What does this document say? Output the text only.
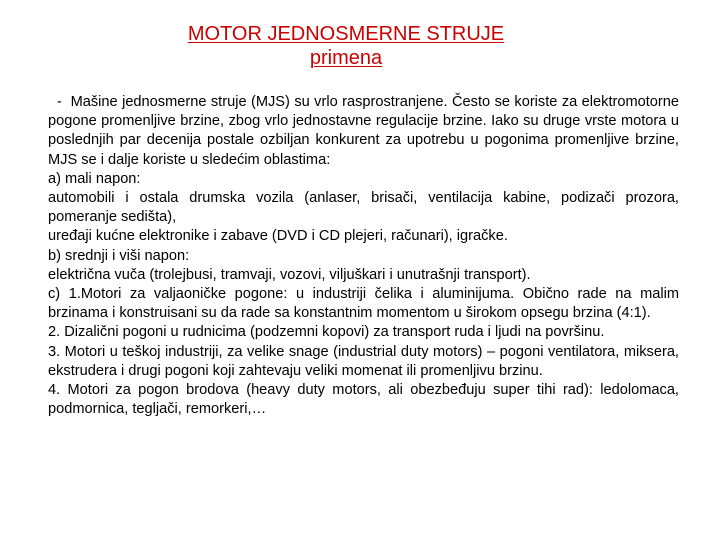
MOTOR JEDNOSMERNE STRUJE
primena

-  Mašine jednosmerne struje (MJS) su vrlo rasprostranjene. Često se koriste za elektromotorne pogone promenljive brzine, zbog vrlo jednostavne regulacije brzine. Iako su druge vrste motora u poslednjih par decenija postale ozbiljan konkurent za upotrebu u pogonima promenljive brzine, MJS se i dalje koriste u sledećim oblastima:

a) mali napon:

automobili i ostala drumska vozila (anlaser, brisači, ventilacija kabine, podizači prozora, pomeranje sedišta),

uređaji kućne elektronike i zabave (DVD i CD plejeri, računari), igračke.

b) srednji i viši napon:

električna vuča (trolejbusi, tramvaji, vozovi, viljuškari i unutrašnji transport).

c) 1.Motori za valjaoničke pogone: u industriji čelika i aluminijuma. Obično rade na malim brzinama i konstruisani su da rade sa konstantnim momentom u širokom opsegu brzina (4:1).

2. Dizalični pogoni u rudnicima (podzemni kopovi) za transport ruda i ljudi na površinu.

3. Motori u teškoj industriji, za velike snage (industrial duty motors) – pogoni ventilatora, miksera, ekstrudera i drugi pogoni koji zahtevaju veliki momenat ili promenljivu brzinu.

4. Motori za pogon brodova (heavy duty motors, ali obezbeđuju super tihi rad): ledolomaca, podmornica, tegljači, remorkeri,…
